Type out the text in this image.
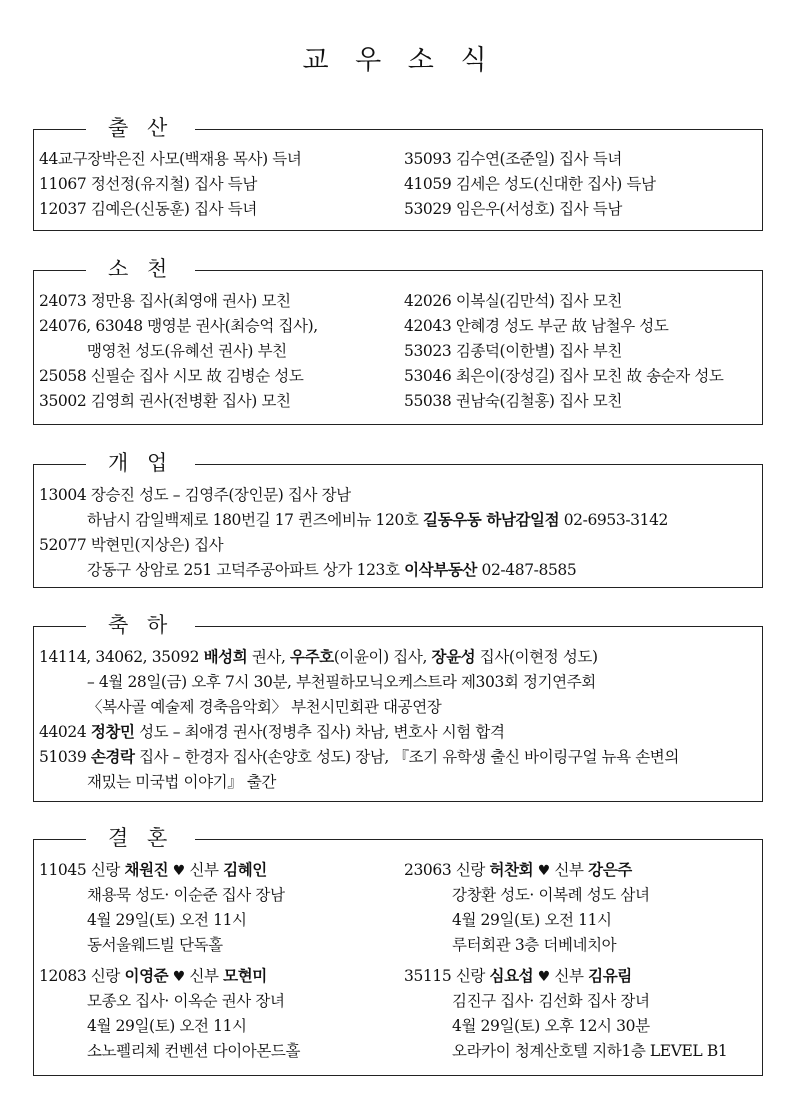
교 우 소 식
출 산
44교구장박은진 사모(백재용 목사) 득녀
11067 정선정(유지철) 집사 득남
12037 김예은(신동훈) 집사 득녀
35093 김수연(조준일) 집사 득녀
41059 김세은 성도(신대한 집사) 득남
53029 임은우(서성호) 집사 득남
소 천
24073 정만용 집사(최영애 권사) 모친
24076, 63048 맹영분 권사(최승억 집사),
맹영천 성도(유혜선 권사) 부친
25058 신필순 집사 시모 故 김병순 성도
35002 김영희 권사(전병환 집사) 모친
42026 이복실(김만석) 집사 모친
42043 안혜경 성도 부군 故 남철우 성도
53023 김종덕(이한별) 집사 부친
53046 최은이(장성길) 집사 모친 故 송순자 성도
55038 권남숙(김철홍) 집사 모친
개 업
13004 장승진 성도 – 김영주(장인문) 집사 장남
하남시 감일백제로 180번길 17 퀸즈에비뉴 120호 길동우동 하남감일점 02-6953-3142
52077 박현민(지상은) 집사
강동구 상암로 251 고덕주공아파트 상가 123호 이삭부동산 02-487-8585
축 하
14114, 34062, 35092 배성희 권사, 우주호(이윤이) 집사, 장윤성 집사(이현정 성도)
– 4월 28일(금) 오후 7시 30분, 부천필하모닉오케스트라 제303회 정기연주회
〈복사골 예술제 경축음악회〉 부천시민회관 대공연장
44024 정창민 성도 – 최애경 권사(정병추 집사) 차남, 변호사 시험 합격
51039 손경락 집사 – 한경자 집사(손양호 성도) 장남, 『조기 유학생 출신 바이링구얼 뉴욕 손변의
재밌는 미국법 이야기』 출간
결 혼
11045 신랑 채원진 ♥ 신부 김혜인
채용묵 성도· 이순준 집사 장남
4월 29일(토) 오전 11시
동서울웨드빌 단독홀
23063 신랑 허찬회 ♥ 신부 강은주
강창환 성도· 이복례 성도 삼녀
4월 29일(토) 오전 11시
루터회관 3층 더베네치아
12083 신랑 이영준 ♥ 신부 모현미
모종오 집사· 이옥순 권사 장녀
4월 29일(토) 오전 11시
소노펠리체 컨벤션 다이아몬드홀
35115 신랑 심요섭 ♥ 신부 김유림
김진구 집사· 김선화 집사 장녀
4월 29일(토) 오후 12시 30분
오라카이 청계산호텔 지하1층 LEVEL B1
